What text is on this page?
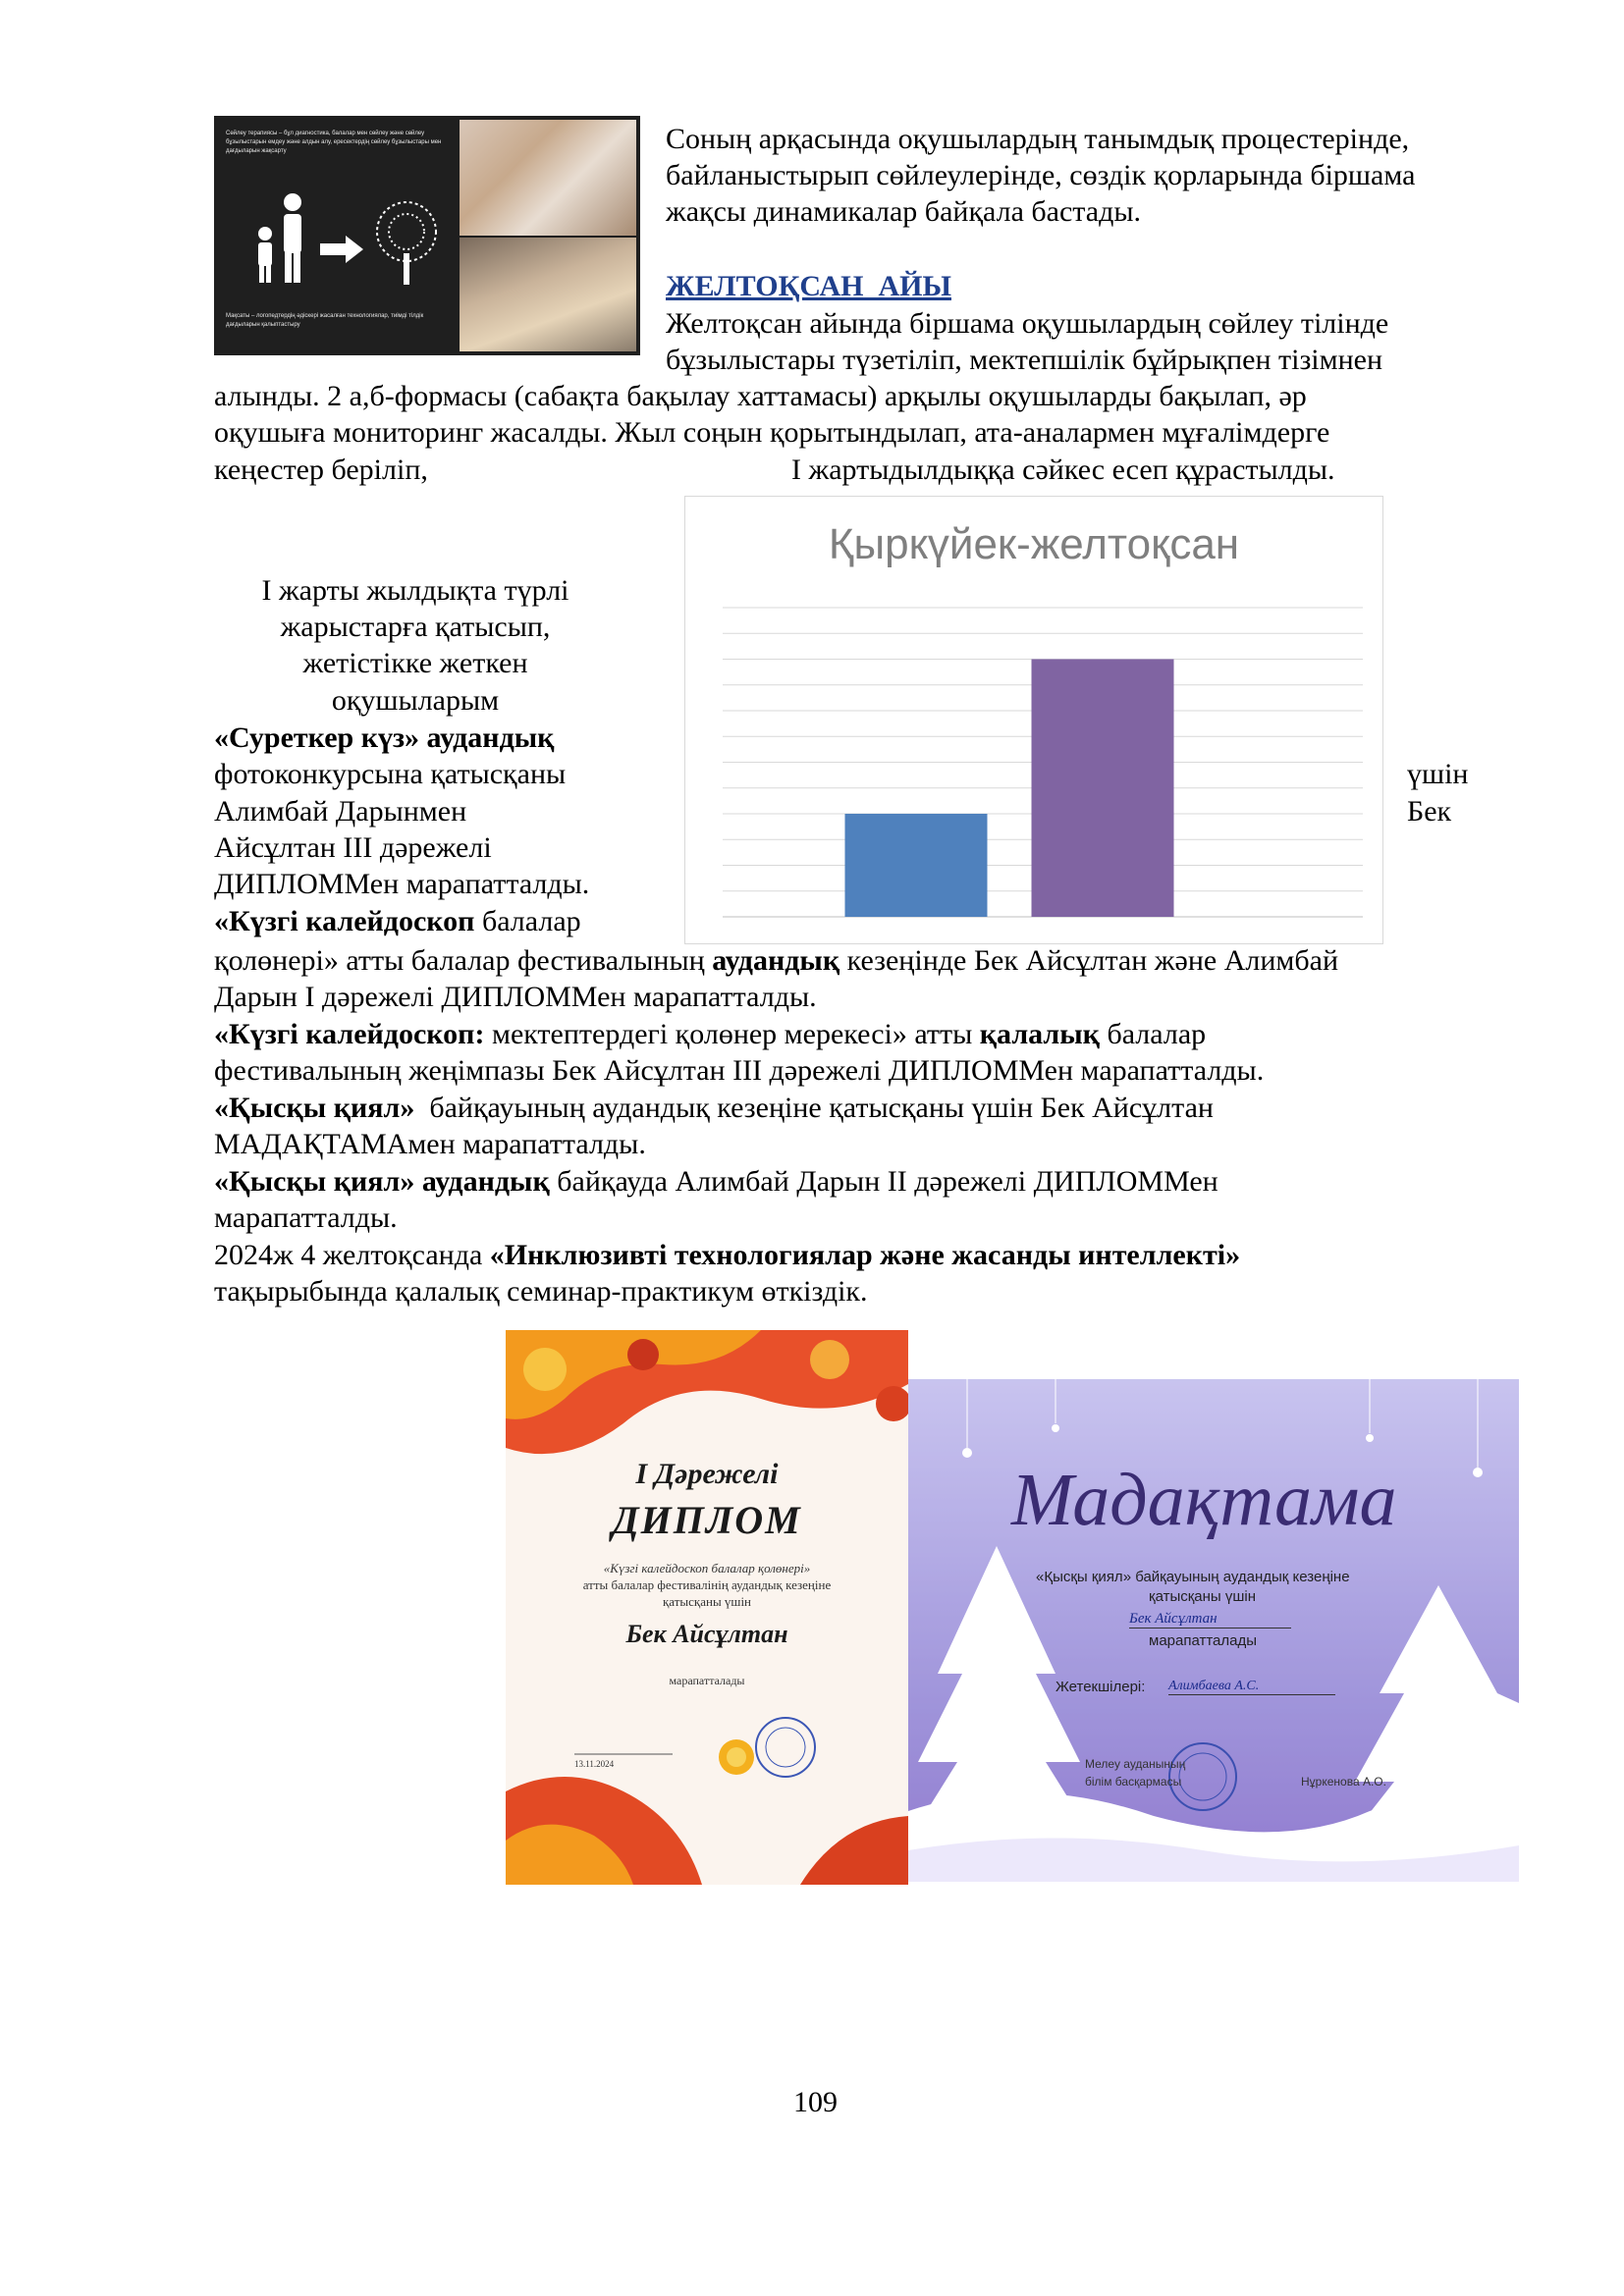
Сөйлеу терапиясы – бұл диагностика, балалар мен сөйлеу және сөйлеу бұзылыстарын емдеу және алдын алу, ересектердің сөйлеу бұзылыстары мен дағдыларын жақсарту
Мақсаты – логопедтердің әдіскері жасалған технологиялар, тиімді тілдік дағдыларын қалыптастыру
Соның арқасында оқушылардың танымдық процестерінде,
байланыстырып сөйлеулерінде, сөздік қорларында біршама
жақсы динамикалар байқала бастады.
ЖЕЛТОҚСАН  АЙЫ
Желтоқсан айында біршама оқушылардың сөйлеу тілінде
бұзылыстары түзетіліп, мектепшілік бұйрықпен тізімнен
алынды. 2 а,б-формасы (сабақта бақылау хаттамасы) арқылы оқушыларды бақылап, әр
оқушыға мониторинг жасалды. Жыл соңын қорытындылап, ата-аналармен мұғалімдерге
кеңестер беріліп,	І жартыдылдыққа сәйкес есеп құрастылды.
Қыркүйек-желтоқсан
І жарты жылдықта түрлі
жарыстарға қатысып,
жетістікке жеткен
оқушыларым
«Суреткер күз» аудандық
фотоконкурсына қатысқаны	үшін
Алимбай Дарынмен	Бек
Айсұлтан ІІІ дәрежелі
ДИПЛОММен марапатталды.
«Күзгі калейдоскоп балалар
қолөнері» атты балалар фестивалының аудандық кезеңінде Бек Айсұлтан және Алимбай
Дарын І дәрежелі ДИПЛОММен марапатталды.
«Күзгі калейдоскоп: мектептердегі қолөнер мерекесі» атты қалалық балалар
фестивалының жеңімпазы Бек Айсұлтан ІІІ дәрежелі ДИПЛОММен марапатталды.
«Қысқы қиял»  байқауының аудандық кезеңіне қатысқаны үшін Бек Айсұлтан
МАДАҚТАМАмен марапатталды.
«Қысқы қиял» аудандық байқауда Алимбай Дарын ІІ дәрежелі ДИПЛОММен
марапатталды.
2024ж 4 желтоқсанда «Инклюзивті технологиялар және жасанды интеллекті»
тақырыбында қалалық семинар-практикум өткіздік.
І Дәрежелі
ДИПЛОМ
«Күзгі калейдоскоп балалар қолөнері»
атты балалар фестивалінің аудандық кезеңіне
қатысқаны үшін
Бек Айсұлтан
марапатталады
13.11.2024
Мадақтама
«Қысқы қиял» байқауының аудандық кезеңіне
қатысқаны үшін
Бек Айсұлтан
марапатталады
Жетекшілері: Алимбаева А.С.
Мелеу ауданының
білім басқармасы	Нұркенова А.О.
109
